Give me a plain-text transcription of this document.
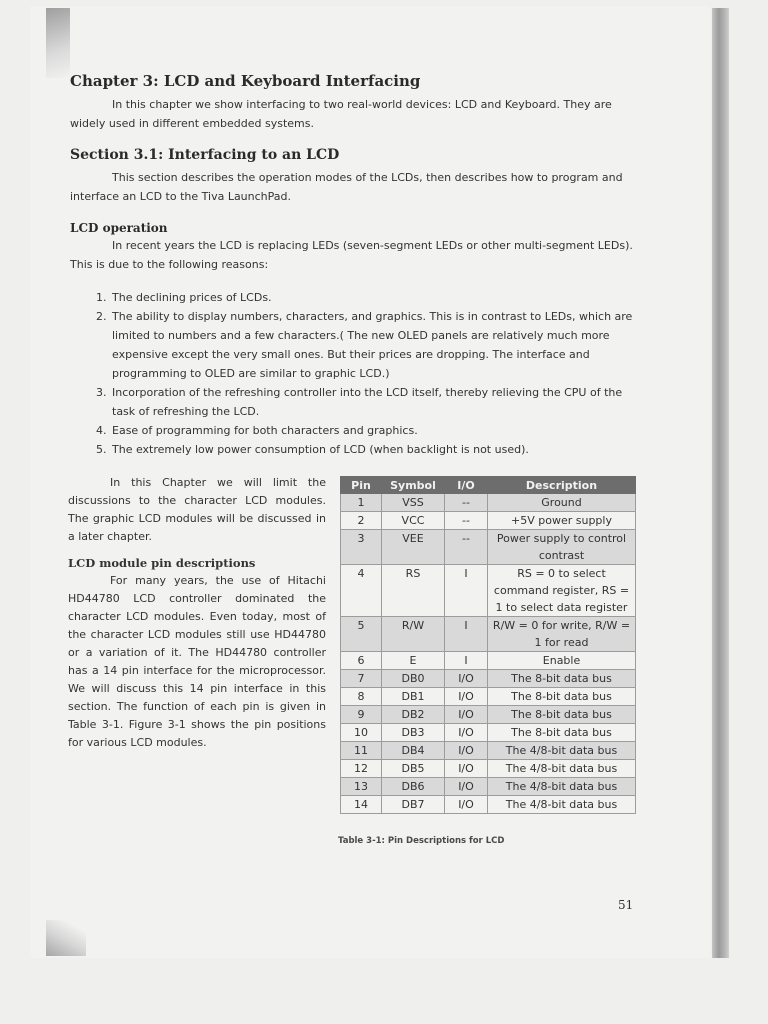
Chapter 3: LCD and Keyboard Interfacing
In this chapter we show interfacing to two real-world devices: LCD and Keyboard. They are widely used in different embedded systems.
Section 3.1: Interfacing to an LCD
This section describes the operation modes of the LCDs, then describes how to program and interface an LCD to the Tiva LaunchPad.
LCD operation
In recent years the LCD is replacing LEDs (seven-segment LEDs or other multi-segment LEDs). This is due to the following reasons:
1. The declining prices of LCDs.
2. The ability to display numbers, characters, and graphics. This is in contrast to LEDs, which are limited to numbers and a few characters.( The new OLED panels are relatively much more expensive except the very small ones. But their prices are dropping. The interface and programming to OLED are similar to graphic LCD.)
3. Incorporation of the refreshing controller into the LCD itself, thereby relieving the CPU of the task of refreshing the LCD.
4. Ease of programming for both characters and graphics.
5. The extremely low power consumption of LCD (when backlight is not used).
In this Chapter we will limit the discussions to the character LCD modules. The graphic LCD modules will be discussed in a later chapter.
LCD module pin descriptions
For many years, the use of Hitachi HD44780 LCD controller dominated the character LCD modules. Even today, most of the character LCD modules still use HD44780 or a variation of it. The HD44780 controller has a 14 pin interface for the microprocessor. We will discuss this 14 pin interface in this section. The function of each pin is given in Table 3-1. Figure 3-1 shows the pin positions for various LCD modules.
Pin	Symbol	I/O	Description
1	VSS	--	Ground
2	VCC	--	+5V power supply
3	VEE	--	Power supply to control contrast
4	RS	I	RS = 0 to select command register, RS = 1 to select data register
5	R/W	I	R/W = 0 for write, R/W = 1 for read
6	E	I	Enable
7	DB0	I/O	The 8-bit data bus
8	DB1	I/O	The 8-bit data bus
9	DB2	I/O	The 8-bit data bus
10	DB3	I/O	The 8-bit data bus
11	DB4	I/O	The 4/8-bit data bus
12	DB5	I/O	The 4/8-bit data bus
13	DB6	I/O	The 4/8-bit data bus
14	DB7	I/O	The 4/8-bit data bus
Table 3-1: Pin Descriptions for LCD
51
